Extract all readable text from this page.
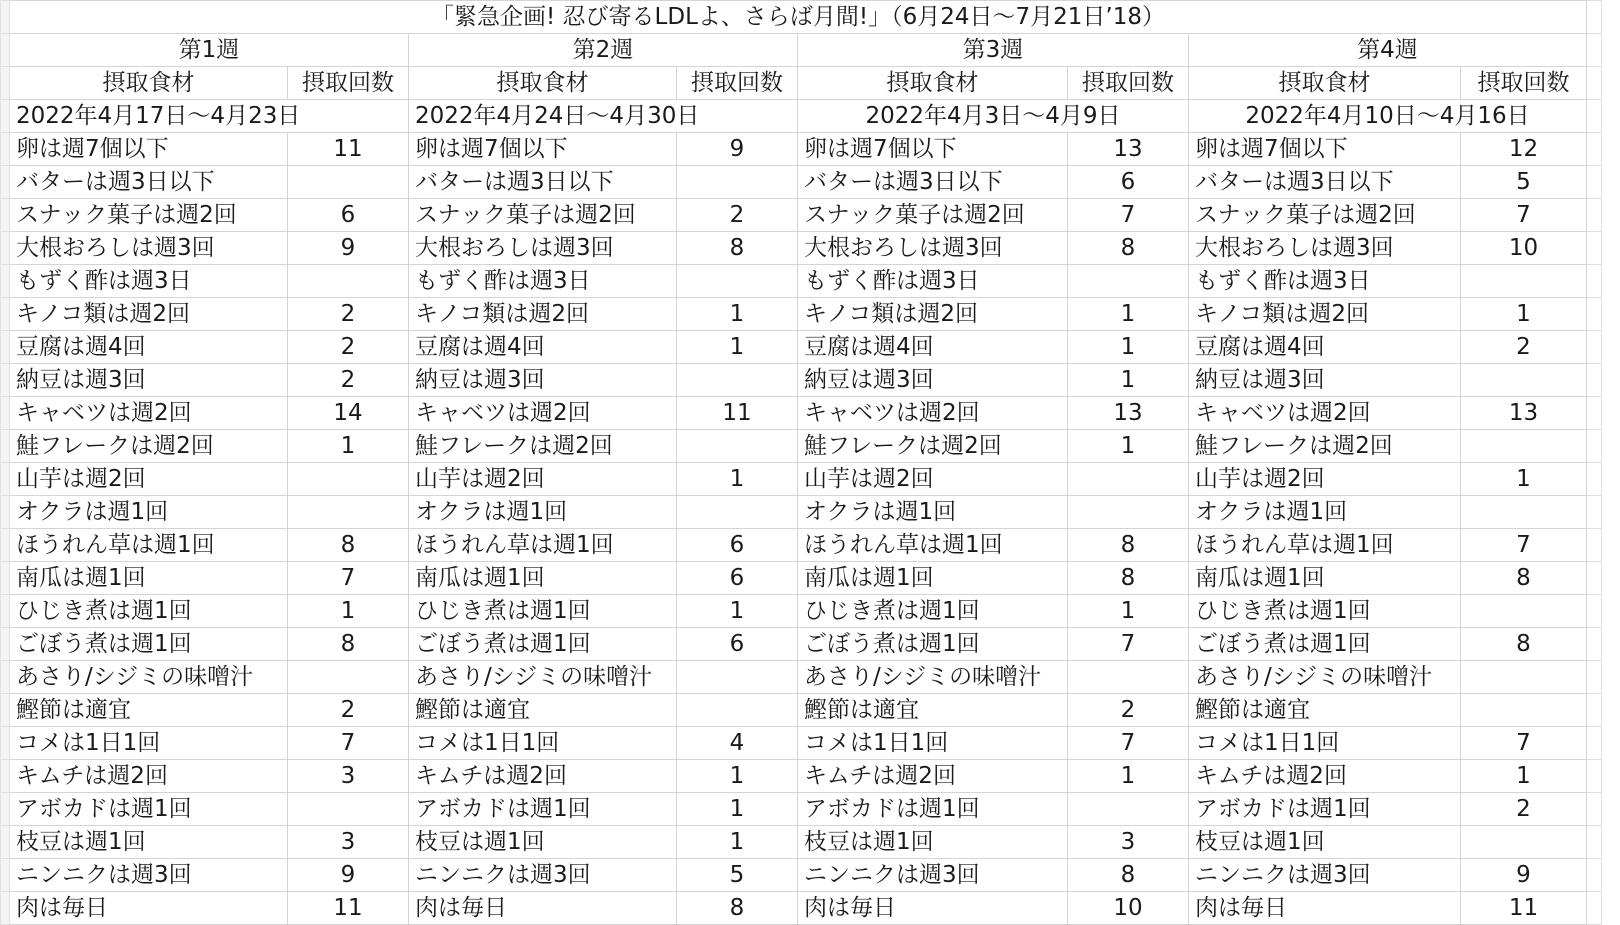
	「緊急企画! 忍び寄るLDLよ、さらば月間!」（6月24日～7月21日’18）								
	第1週		第2週		第3週		第4週		
	摂取食材	摂取回数	摂取食材	摂取回数	摂取食材	摂取回数	摂取食材	摂取回数	
	2022年4月17日～4月23日		2022年4月24日～4月30日		2022年4月3日～4月9日		2022年4月10日～4月16日		
	卵は週7個以下	11	卵は週7個以下	9	卵は週7個以下	13	卵は週7個以下	12	
	バターは週3日以下		バターは週3日以下		バターは週3日以下	6	バターは週3日以下	5	
	スナック菓子は週2回	6	スナック菓子は週2回	2	スナック菓子は週2回	7	スナック菓子は週2回	7	
	大根おろしは週3回	9	大根おろしは週3回	8	大根おろしは週3回	8	大根おろしは週3回	10	
	もずく酢は週3日		もずく酢は週3日		もずく酢は週3日		もずく酢は週3日		
	キノコ類は週2回	2	キノコ類は週2回	1	キノコ類は週2回	1	キノコ類は週2回	1	
	豆腐は週4回	2	豆腐は週4回	1	豆腐は週4回	1	豆腐は週4回	2	
	納豆は週3回	2	納豆は週3回		納豆は週3回	1	納豆は週3回		
	キャベツは週2回	14	キャベツは週2回	11	キャベツは週2回	13	キャベツは週2回	13	
	鮭フレークは週2回	1	鮭フレークは週2回		鮭フレークは週2回	1	鮭フレークは週2回		
	山芋は週2回		山芋は週2回	1	山芋は週2回		山芋は週2回	1	
	オクラは週1回		オクラは週1回		オクラは週1回		オクラは週1回		
	ほうれん草は週1回	8	ほうれん草は週1回	6	ほうれん草は週1回	8	ほうれん草は週1回	7	
	南瓜は週1回	7	南瓜は週1回	6	南瓜は週1回	8	南瓜は週1回	8	
	ひじき煮は週1回	1	ひじき煮は週1回	1	ひじき煮は週1回	1	ひじき煮は週1回		
	ごぼう煮は週1回	8	ごぼう煮は週1回	6	ごぼう煮は週1回	7	ごぼう煮は週1回	8	
	あさり/シジミの味噌汁		あさり/シジミの味噌汁		あさり/シジミの味噌汁		あさり/シジミの味噌汁		
	鰹節は適宜	2	鰹節は適宜		鰹節は適宜	2	鰹節は適宜		
	コメは1日1回	7	コメは1日1回	4	コメは1日1回	7	コメは1日1回	7	
	キムチは週2回	3	キムチは週2回	1	キムチは週2回	1	キムチは週2回	1	
	アボカドは週1回		アボカドは週1回	1	アボカドは週1回		アボカドは週1回	2	
	枝豆は週1回	3	枝豆は週1回	1	枝豆は週1回	3	枝豆は週1回		
	ニンニクは週3回	9	ニンニクは週3回	5	ニンニクは週3回	8	ニンニクは週3回	9	
	肉は毎日	11	肉は毎日	8	肉は毎日	10	肉は毎日	11	
